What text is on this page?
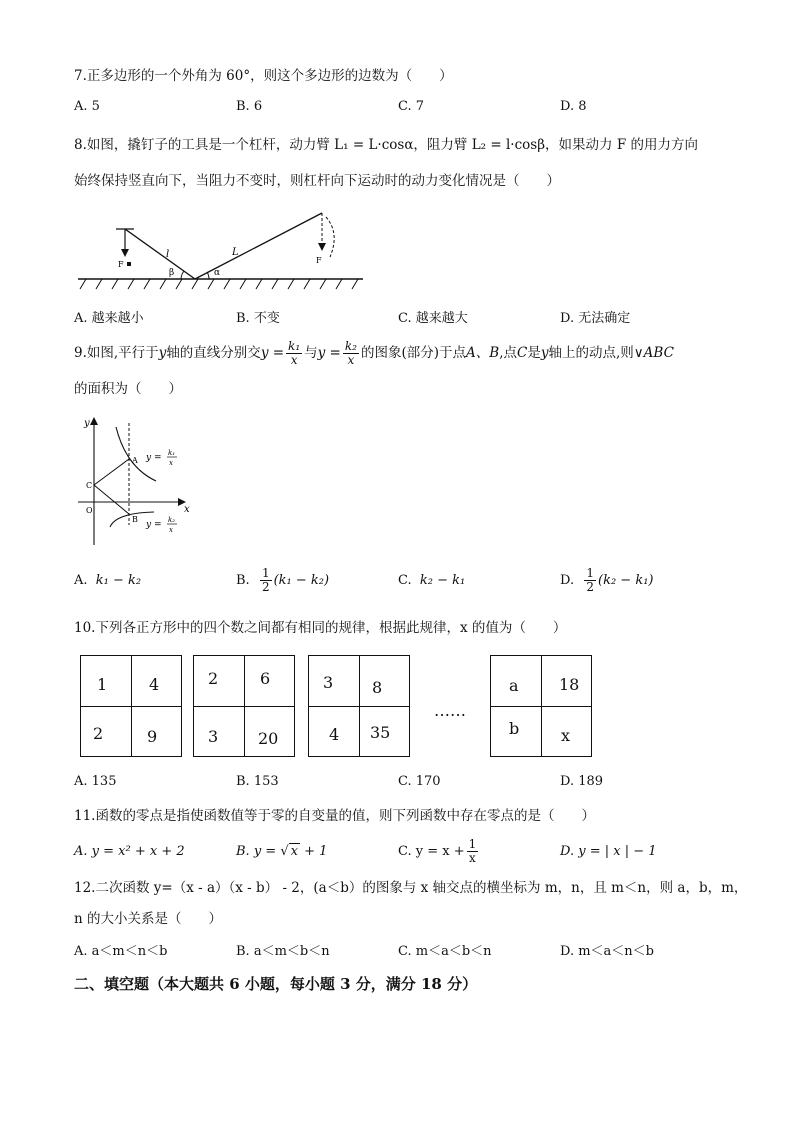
7.正多边形的一个外角为 60°，则这个多边形的边数为（　　）
A. 5	B. 6	C. 7	D. 8
8.如图，撬钉子的工具是一个杠杆，动力臂 L₁ = L·cosα，阻力臂 L₂ = l·cosβ，如果动力 F 的用力方向
始终保持竖直向下，当阻力不变时，则杠杆向下运动时的动力变化情况是（　　）
l	L
β	α
F	F
A. 越来越小	B. 不变	C. 越来越大	D. 无法确定
9.如图,平行于y轴的直线分别交$y = \frac{\text{k₁}}{x}$ 与$y = \frac{\text{k₂}}{x}$ 的图象(部分)于点A、B,点C是y轴上的动点,则∨ABC
的面积为（　　）
y
x
O
C
A
B
y = k₁
x
y = k₂
x
A. k₁ − k₂	B. $\frac{1}{2} (k_1 - k_2)$	C. k₂ − k₁	D. $\frac{1}{2} (k_2 - k_1)$
10.下列各正方形中的四个数之间都有相同的规律，根据此规律，x 的值为（　　）
1	4
2	9
2	6
3 20
3 8
4 35
……
a	18
b	x
A. 135	B. 153	C. 170	D. 189
11.函数的零点是指使函数值等于零的自变量的值，则下列函数中存在零点的是（　　）
A. y = x² + x + 2	B. y = √ x + 1	C. $y = x + \frac{1}{x}$	D. y = | x | − 1
12.二次函数 y=（x - a）（x - b） - 2，(a＜b）的图象与 x 轴交点的横坐标为 m，n，且 m＜n，则 a，b，m，
n 的大小关系是（　　）
A. a＜m＜n＜b	B. a＜m＜b＜n	C. m＜a＜b＜n	D. m＜a＜n＜b
二、填空题（本大题共 6 小题，每小题 3 分，满分 18 分）
